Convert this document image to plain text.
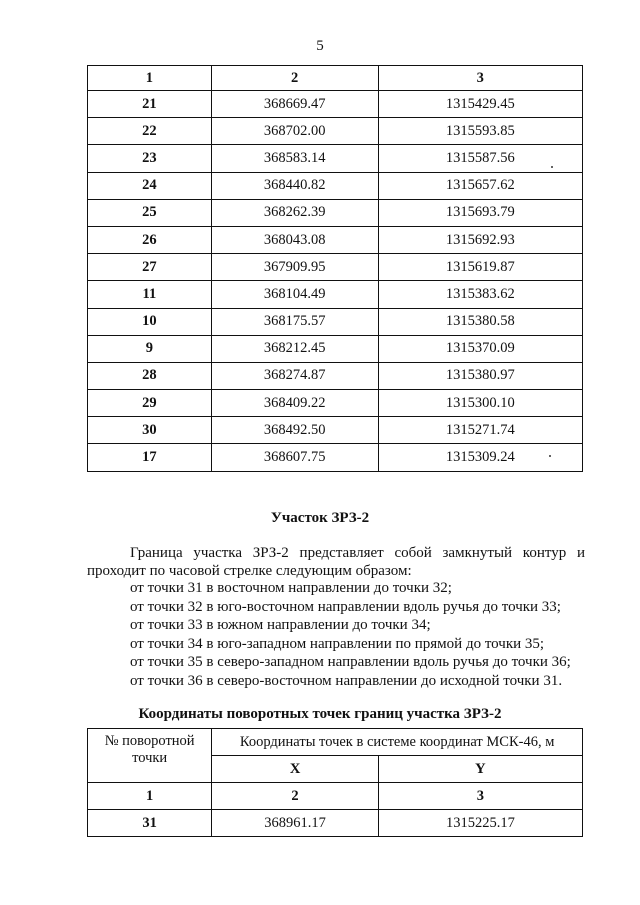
5
1	2	3
21	368669.47	1315429.45
22	368702.00	1315593.85
23	368583.14	1315587.56
24	368440.82	1315657.62
25	368262.39	1315693.79
26	368043.08	1315692.93
27	367909.95	1315619.87
11	368104.49	1315383.62
10	368175.57	1315380.58
9	368212.45	1315370.09
28	368274.87	1315380.97
29	368409.22	1315300.10
30	368492.50	1315271.74
17	368607.75	1315309.24
Участок ЗРЗ-2
Граница участка ЗРЗ-2 представляет собой замкнутый контур и
проходит по часовой стрелке следующим образом:
от точки 31 в восточном направлении до точки 32;
от точки 32 в юго-восточном направлении вдоль ручья до точки 33;
от точки 33 в южном направлении до точки 34;
от точки 34 в юго-западном направлении по прямой до точки 35;
от точки 35 в северо-западном направлении вдоль ручья до точки 36;
от точки 36 в северо-восточном направлении до исходной точки 31.
Координаты поворотных точек границ участка ЗРЗ-2
№ поворотной
точки	Координаты точек в системе координат МСК-46, м	
	X	Y
1	2	3
31	368961.17	1315225.17
